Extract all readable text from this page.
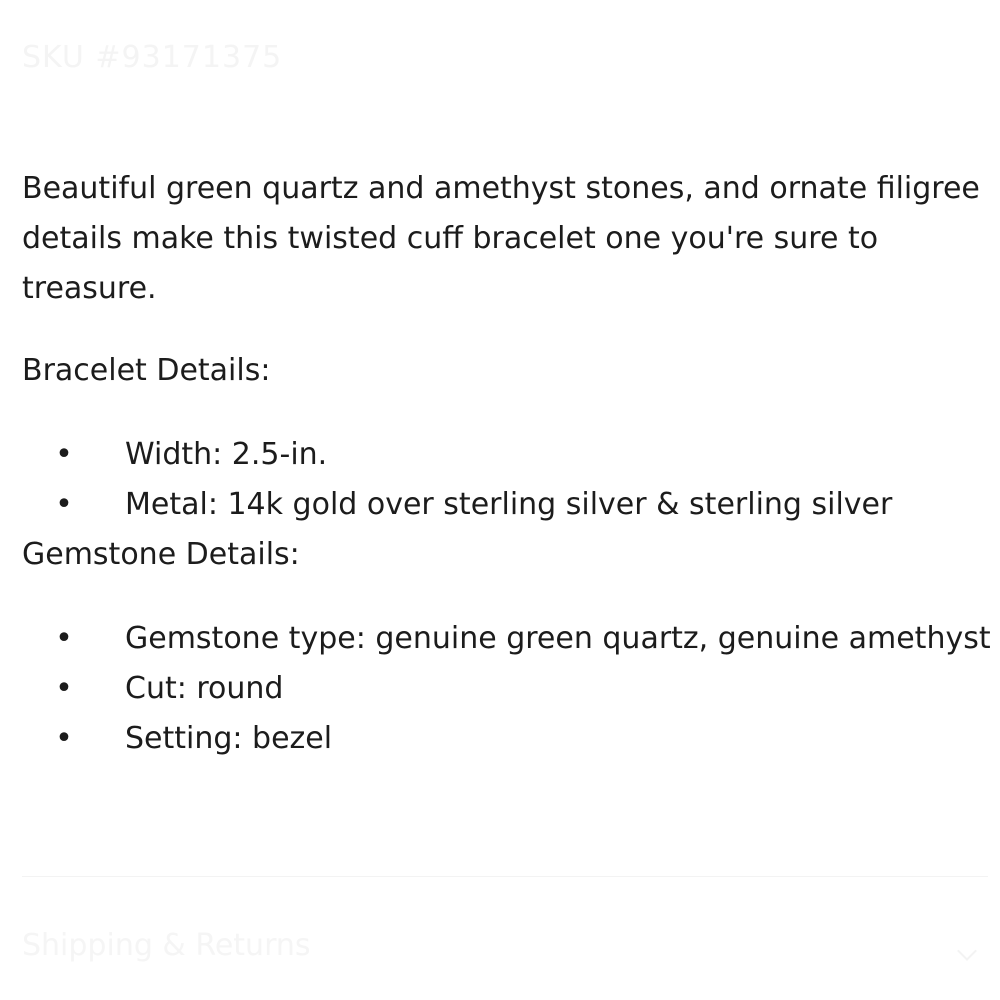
SKU #93171375

Beautiful green quartz and amethyst stones, and ornate filigree details make this twisted cuff bracelet one you're sure to treasure.

Bracelet Details:

• Width: 2.5-in.
• Metal: 14k gold over sterling silver & sterling silver

Gemstone Details:

• Gemstone type: genuine green quartz, genuine amethyst
• Cut: round
• Setting: bezel
Shipping & Returns
